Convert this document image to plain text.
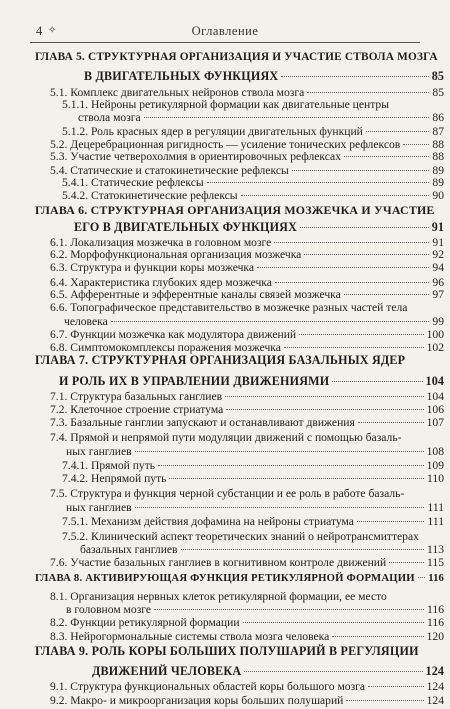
4 ✧	Оглавление
ГЛАВА 5. СТРУКТУРНАЯ ОРГАНИЗАЦИЯ И УЧАСТИЕ СТВОЛА МОЗГА
В ДВИГАТЕЛЬНЫХ ФУНКЦИЯХ	85
5.1. Комплекс двигательных нейронов ствола мозга	85
5.1.1. Нейроны ретикулярной формации как двигательные центры
ствола мозга	86
5.1.2. Роль красных ядер в регуляции двигательных функций	87
5.2. Децеребрационная ригидность — усиление тонических рефлексов	88
5.3. Участие четверохолмия в ориентировочных рефлексах	88
5.4. Статические и статокинетические рефлексы	89
5.4.1. Статические рефлексы	89
5.4.2. Статокинетические рефлексы	90
ГЛАВА 6. СТРУКТУРНАЯ ОРГАНИЗАЦИЯ МОЗЖЕЧКА И УЧАСТИЕ
ЕГО В ДВИГАТЕЛЬНЫХ ФУНКЦИЯХ	91
6.1. Локализация мозжечка в головном мозге	91
6.2. Морфофункциональная организация мозжечка	92
6.3. Структура и функции коры мозжечка	94
6.4. Характеристика глубоких ядер мозжечка	96
6.5. Афферентные и эфферентные каналы связей мозжечка	97
6.6. Топографическое представительство в мозжечке разных частей тела
человека	99
6.7. Функции мозжечка как модулятора движений	100
6.8. Симптомокомплексы поражения мозжечка	102
ГЛАВА 7. СТРУКТУРНАЯ ОРГАНИЗАЦИЯ БАЗАЛЬНЫХ ЯДЕР
И РОЛЬ ИХ В УПРАВЛЕНИИ ДВИЖЕНИЯМИ	104
7.1. Структура базальных ганглиев	104
7.2. Клеточное строение стриатума	106
7.3. Базальные ганглии запускают и останавливают движения	107
7.4. Прямой и непрямой пути модуляции движений с помощью базаль-
ных ганглиев	108
7.4.1. Прямой путь	109
7.4.2. Непрямой путь	110
7.5. Структура и функция черной субстанции и ее роль в работе базаль-
ных ганглиев	111
7.5.1. Механизм действия дофамина на нейроны стриатума	111
7.5.2. Клинический аспект теоретических знаний о нейротрансмиттерах
базальных ганглиев	113
7.6. Участие базальных ганглиев в когнитивном контроле движений	115
ГЛАВА 8. АКТИВИРУЮЩАЯ ФУНКЦИЯ РЕТИКУЛЯРНОЙ ФОРМАЦИИ 116
8.1. Организация нервных клеток ретикулярной формации, ее место
в головном мозге	116
8.2. Функции ретикулярной формации	116
8.3. Нейрогормональные системы ствола мозга человека	120
ГЛАВА 9. РОЛЬ КОРЫ БОЛЬШИХ ПОЛУШАРИЙ В РЕГУЛЯЦИИ
ДВИЖЕНИЙ ЧЕЛОВЕКА	124
9.1. Структура функциональных областей коры большого мозга	124
9.2. Макро- и микроорганизация коры больших полушарий	124
